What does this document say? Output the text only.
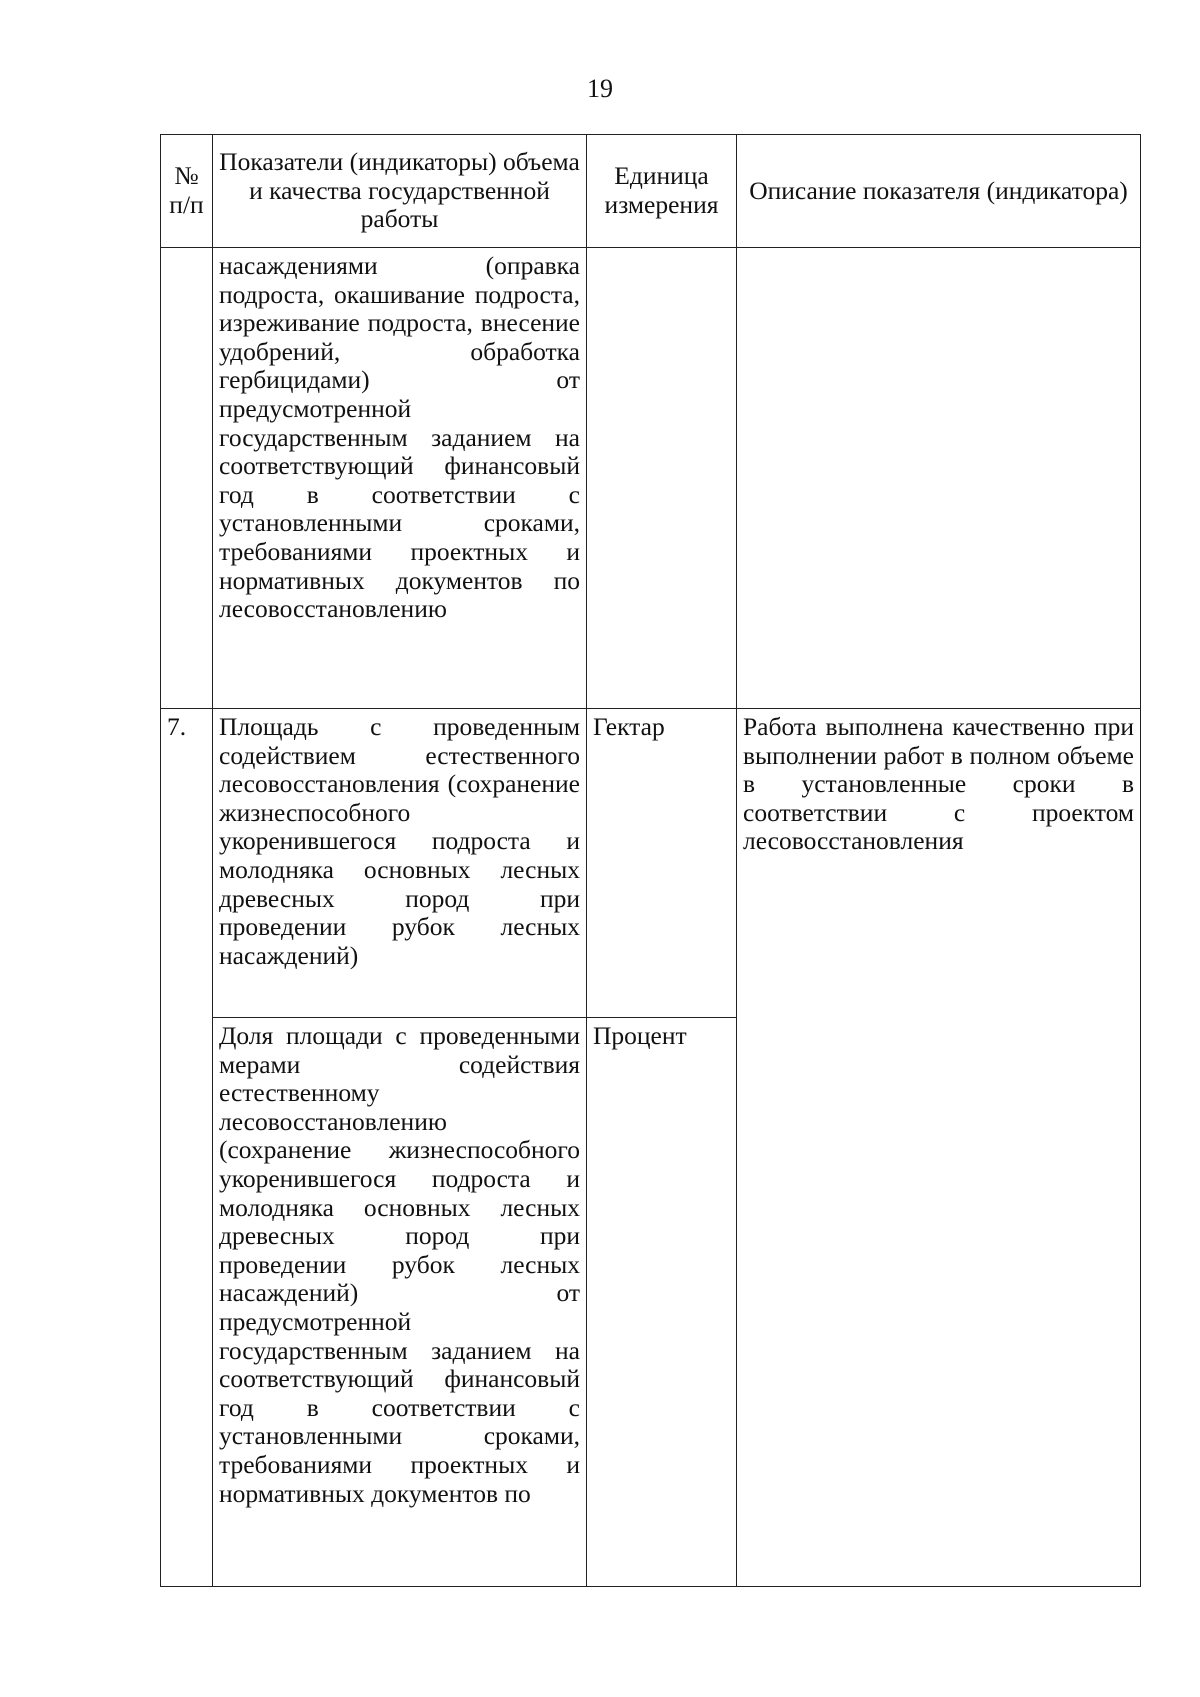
19
№ п/п	Показатели (индикаторы) объема и качества государственной работы	Единица измерения	Описание показателя (индикатора)
	насаждениями (оправка подроста, окашивание подроста, изреживание подроста, внесение удобрений, обработка гербицидами) от предусмотренной государственным заданием на соответствующий финансовый год в соответствии с установленными сроками, требованиями проектных и нормативных документов по лесовосстановлению		
7.	Площадь с проведенным содействием естественного лесовосстановления (сохранение жизнеспособного укоренившегося подроста и молодняка основных лесных древесных пород при проведении рубок лесных насаждений)	Гектар	Работа выполнена качественно при выполнении работ в полном объеме в установленные сроки в соответствии с проектом лесовосстановления
	Доля площади с проведенными мерами содействия естественному лесовосстановлению (сохранение жизнеспособного укоренившегося подроста и молодняка основных лесных древесных пород при проведении рубок лесных насаждений) от предусмотренной государственным заданием на соответствующий финансовый год в соответствии с установленными сроками, требованиями проектных и нормативных документов по	Процент	
